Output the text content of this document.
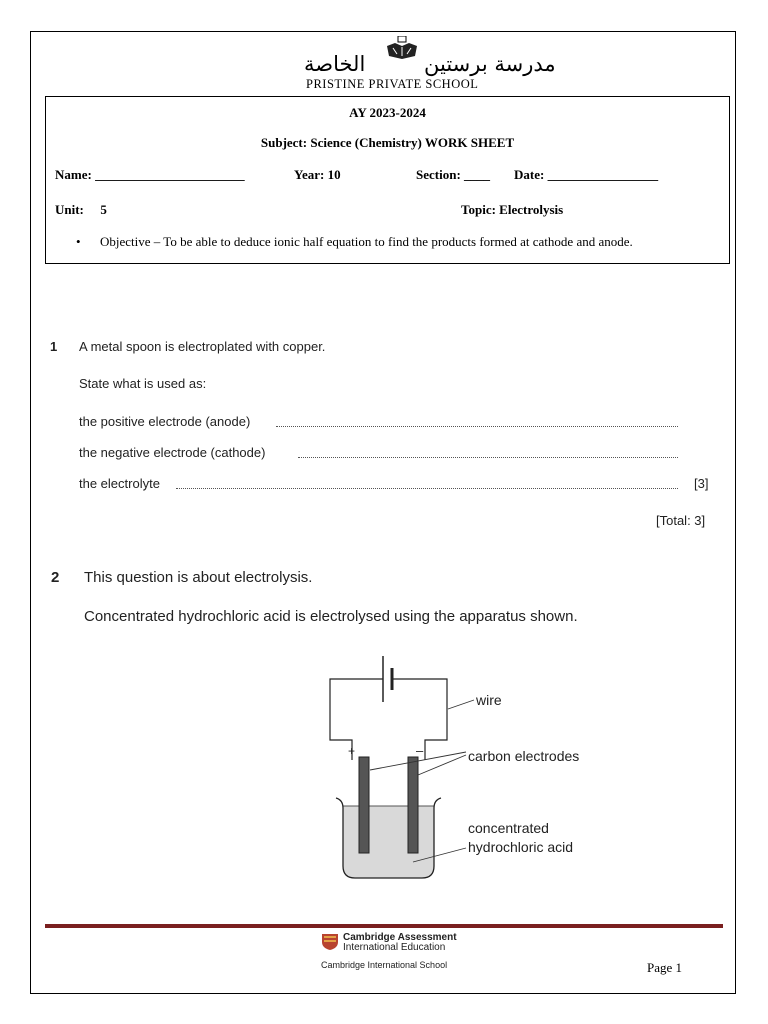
الخاصة	مدرسة برستين
PRISTINE PRIVATE SCHOOL
AY 2023-2024
Subject: Science (Chemistry) WORK SHEET
Name: _______________________	Year: 10	Section: ____ Date: _________________
Unit: 5	Topic: Electrolysis
• Objective – To be able to deduce ionic half equation to find the products formed at cathode and anode.
1 A metal spoon is electroplated with copper.
State what is used as:
the positive electrode (anode)
the negative electrode (cathode)
the electrolyte	[3]
[Total: 3]
2 This question is about electrolysis.
Concentrated hydrochloric acid is electrolysed using the apparatus shown.
+	–
wire
carbon electrodes
concentrated
hydrochloric acid
Cambridge Assessment
International Education
Cambridge International School	Page 1
